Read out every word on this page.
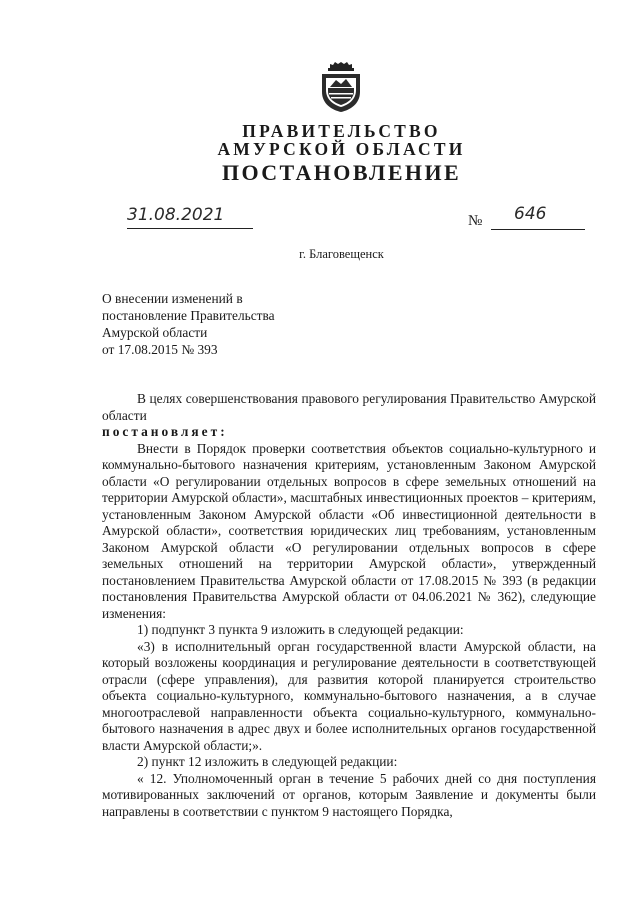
ПРАВИТЕЛЬСТВО
АМУРСКОЙ ОБЛАСТИ
ПОСТАНОВЛЕНИЕ
31.08.2021	№ 646
г. Благовещенск
О внесении изменений в
постановление Правительства
Амурской области
от 17.08.2015 № 393

В целях совершенствования правового регулирования Правительство Амурской области

постановляет:

Внести в Порядок проверки соответствия объектов социально-культурного и коммунально-бытового назначения критериям, установленным Законом Амурской области «О регулировании отдельных вопросов в сфере земельных отношений на территории Амурской области», масштабных инвестиционных проектов – критериям, установленным Законом Амурской области «Об инвестиционной деятельности в Амурской области», соответствия юридических лиц требованиям, установленным Законом Амурской области «О регулировании отдельных вопросов в сфере земельных отношений на территории Амурской области», утвержденный постановлением Правительства Амурской области от 17.08.2015 № 393 (в редакции постановления Правительства Амурской области от 04.06.2021 № 362), следующие изменения:

1) подпункт 3 пункта 9 изложить в следующей редакции:

«3) в исполнительный орган государственной власти Амурской области, на который возложены координация и регулирование деятельности в соответствующей отрасли (сфере управления), для развития которой планируется строительство объекта социально-культурного, коммунально-бытового назначения, а в случае многоотраслевой направленности объекта социально-культурного, коммунально-бытового назначения в адрес двух и более исполнительных органов государственной власти Амурской области;».

2) пункт 12 изложить в следующей редакции:

« 12. Уполномоченный орган в течение 5 рабочих дней со дня поступления мотивированных заключений от органов, которым Заявление и документы были направлены в соответствии с пунктом 9 настоящего Порядка,
